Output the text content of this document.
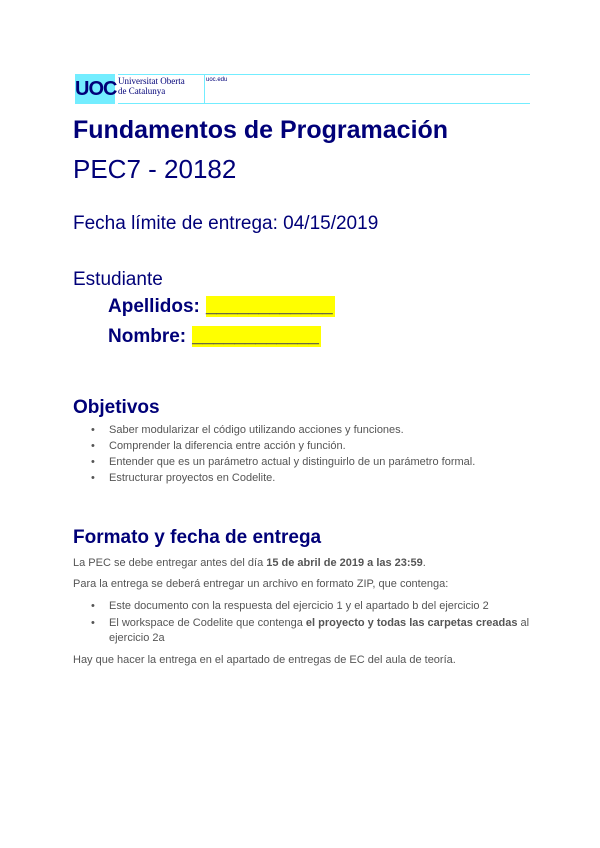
UOC Universitat Oberta
de Catalunya
uoc.edu
Fundamentos de Programación
PEC7 - 20182
Fecha límite de entrega: 04/15/2019
Estudiante
Apellidos: ____________
Nombre: ____________
Objetivos
• Saber modularizar el código utilizando acciones y funciones.
• Comprender la diferencia entre acción y función.
• Entender que es un parámetro actual y distinguirlo de un parámetro formal.
• Estructurar proyectos en Codelite.
Formato y fecha de entrega
La PEC se debe entregar antes del día 15 de abril de 2019 a las 23:59.
Para la entrega se deberá entregar un archivo en formato ZIP, que contenga:
• Este documento con la respuesta del ejercicio 1 y el apartado b del ejercicio 2
• El workspace de Codelite que contenga el proyecto y todas las carpetas creadas al ejercicio 2a
Hay que hacer la entrega en el apartado de entregas de EC del aula de teoría.
